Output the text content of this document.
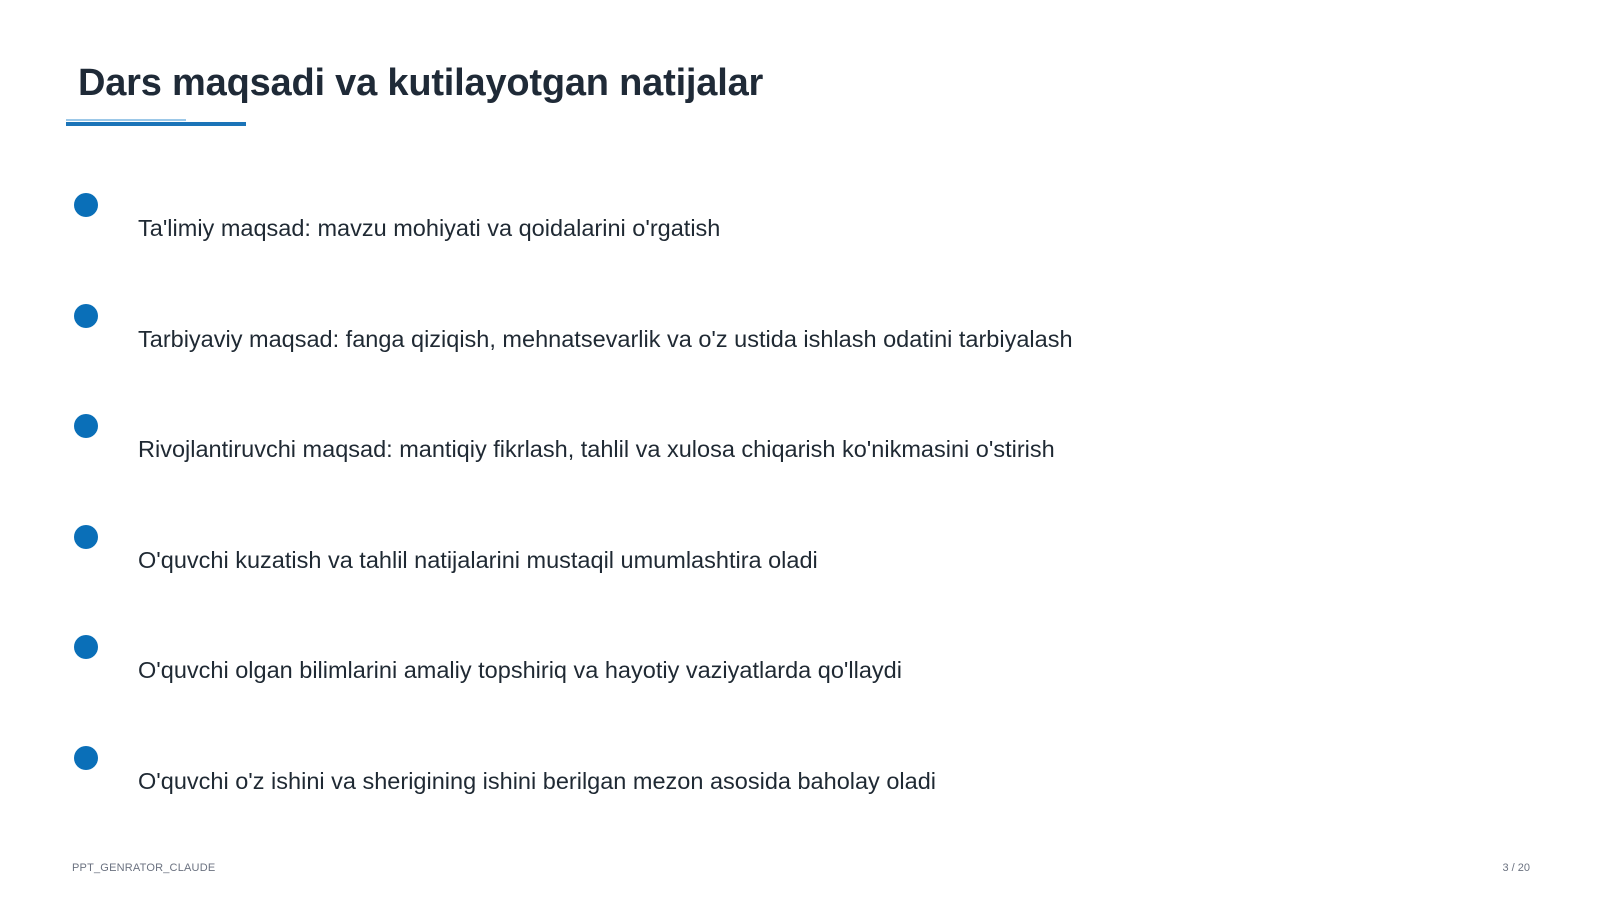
Dars maqsadi va kutilayotgan natijalar
Ta'limiy maqsad: mavzu mohiyati va qoidalarini o'rgatish
Tarbiyaviy maqsad: fanga qiziqish, mehnatsevarlik va o'z ustida ishlash odatini tarbiyalash
Rivojlantiruvchi maqsad: mantiqiy fikrlash, tahlil va xulosa chiqarish ko'nikmasini o'stirish
O'quvchi kuzatish va tahlil natijalarini mustaqil umumlashtira oladi
O'quvchi olgan bilimlarini amaliy topshiriq va hayotiy vaziyatlarda qo'llaydi
O'quvchi o'z ishini va sherigining ishini berilgan mezon asosida baholay oladi
PPT_GENRATOR_CLAUDE	3 / 20
